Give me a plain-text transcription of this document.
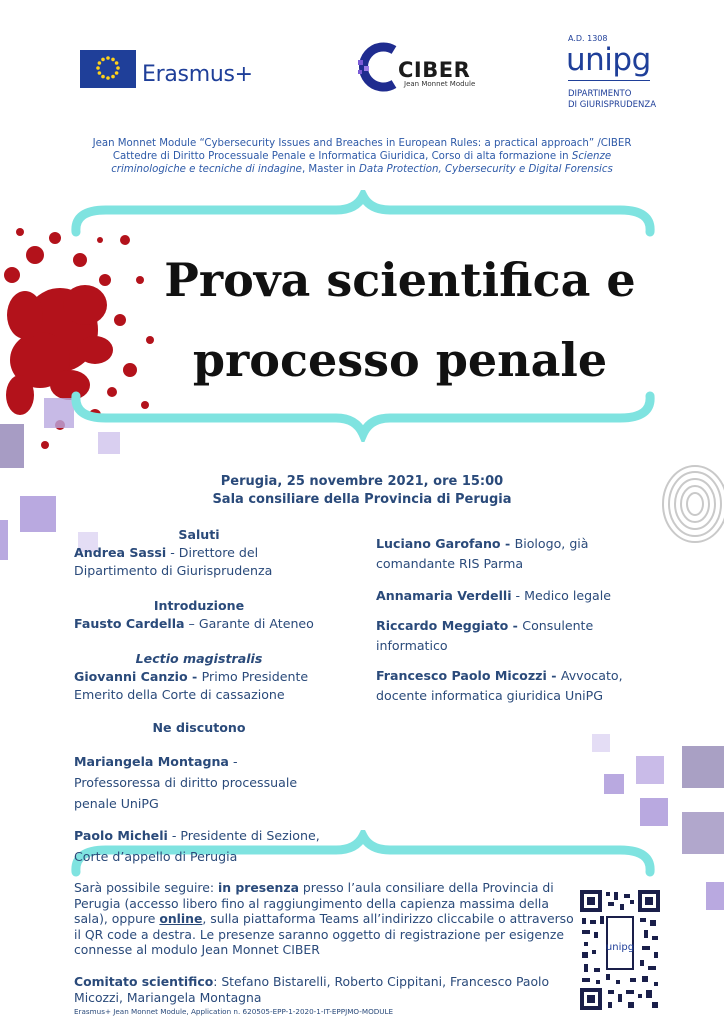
Erasmus+	CIBER
Jean Monnet Module
A.D. 1308
unipg
DIPARTIMENTO
DI GIURISPRUDENZA
Jean Monnet Module “Cybersecurity Issues and Breaches in European Rules: a practical approach” /CIBER
Cattedre di Diritto Processuale Penale e Informatica Giuridica, Corso di alta formazione in Scienze
criminologiche e tecniche di indagine, Master in Data Protection, Cybersecurity e Digital Forensics
Prova scientifica e
processo penale
Perugia, 25 novembre 2021, ore 15:00
Sala consiliare della Provincia di Perugia
Saluti
Andrea Sassi - Direttore del Dipartimento di Giurisprudenza
Introduzione
Fausto Cardella – Garante di Ateneo
Lectio magistralis
Giovanni Canzio - Primo Presidente Emerito della Corte di cassazione
Ne discutono
Mariangela Montagna - Professoressa di diritto processuale penale UniPG
Paolo Micheli - Presidente di Sezione, Corte d’appello di Perugia
Luciano Garofano - Biologo, già comandante RIS Parma
Annamaria Verdelli - Medico legale
Riccardo Meggiato - Consulente informatico
Francesco Paolo Micozzi - Avvocato, docente informatica giuridica UniPG
Sarà possibile seguire: in presenza presso l’aula consiliare della Provincia di Perugia (accesso libero fino al raggiungimento della capienza massima della sala), oppure online, sulla piattaforma Teams all’indirizzo cliccabile o attraverso il QR code a destra. Le presenze saranno oggetto di registrazione per esigenze connesse al modulo Jean Monnet CIBER
Comitato scientifico: Stefano Bistarelli, Roberto Cippitani, Francesco Paolo Micozzi, Mariangela Montagna
Erasmus+ Jean Monnet Module, Application n. 620505-EPP-1-2020-1-IT-EPPJMO-MODULE
unipg
